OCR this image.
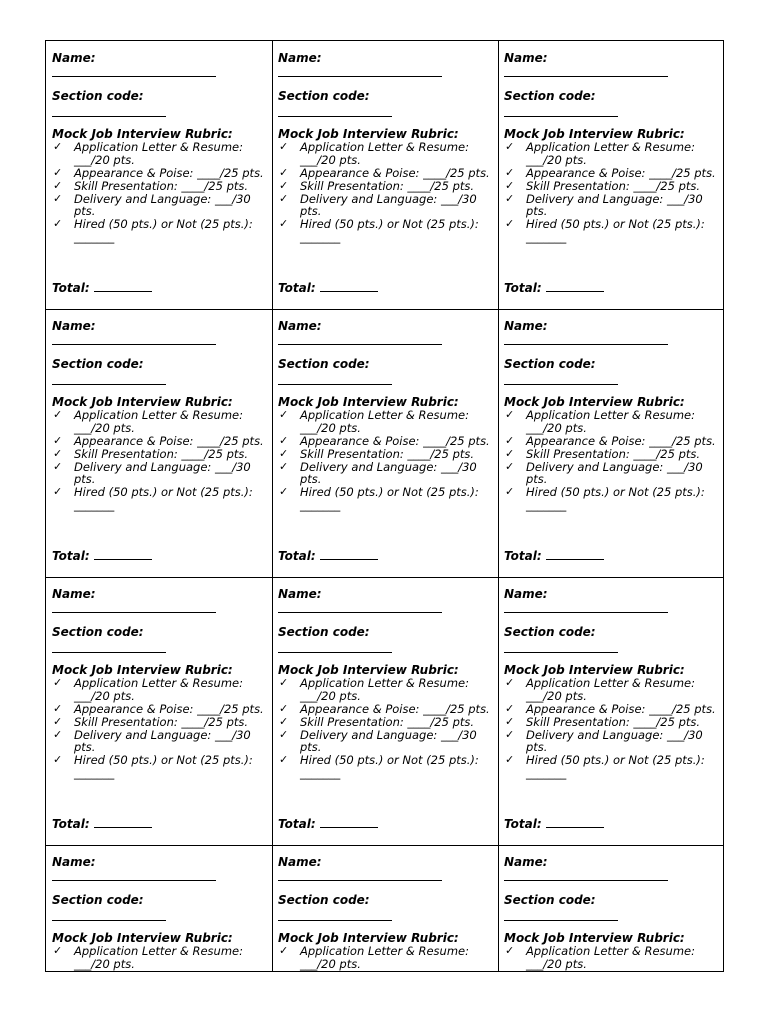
Name:
Section code:
Mock Job Interview Rubric:
✓ Application Letter & Resume: ___/20 pts.
✓ Appearance & Poise: ____/25 pts.
✓ Skill Presentation: ____/25 pts.
✓ Delivery and Language: ___/30 pts.
✓ Hired (50 pts.) or Not (25 pts.): _______
Total:
Name:
Section code:
Mock Job Interview Rubric:
✓ Application Letter & Resume: ___/20 pts.
✓ Appearance & Poise: ____/25 pts.
✓ Skill Presentation: ____/25 pts.
✓ Delivery and Language: ___/30 pts.
✓ Hired (50 pts.) or Not (25 pts.): _______
Total:
Name:
Section code:
Mock Job Interview Rubric:
✓ Application Letter & Resume: ___/20 pts.
✓ Appearance & Poise: ____/25 pts.
✓ Skill Presentation: ____/25 pts.
✓ Delivery and Language: ___/30 pts.
✓ Hired (50 pts.) or Not (25 pts.): _______
Total:
Name:
Section code:
Mock Job Interview Rubric:
✓ Application Letter & Resume: ___/20 pts.
✓ Appearance & Poise: ____/25 pts.
✓ Skill Presentation: ____/25 pts.
✓ Delivery and Language: ___/30 pts.
✓ Hired (50 pts.) or Not (25 pts.): _______
Total:
Name:
Section code:
Mock Job Interview Rubric:
✓ Application Letter & Resume: ___/20 pts.
✓ Appearance & Poise: ____/25 pts.
✓ Skill Presentation: ____/25 pts.
✓ Delivery and Language: ___/30 pts.
✓ Hired (50 pts.) or Not (25 pts.): _______
Total:
Name:
Section code:
Mock Job Interview Rubric:
✓ Application Letter & Resume: ___/20 pts.
✓ Appearance & Poise: ____/25 pts.
✓ Skill Presentation: ____/25 pts.
✓ Delivery and Language: ___/30 pts.
✓ Hired (50 pts.) or Not (25 pts.): _______
Total:
Name:
Section code:
Mock Job Interview Rubric:
✓ Application Letter & Resume: ___/20 pts.
✓ Appearance & Poise: ____/25 pts.
✓ Skill Presentation: ____/25 pts.
✓ Delivery and Language: ___/30 pts.
✓ Hired (50 pts.) or Not (25 pts.): _______
Total:
Name:
Section code:
Mock Job Interview Rubric:
✓ Application Letter & Resume: ___/20 pts.
✓ Appearance & Poise: ____/25 pts.
✓ Skill Presentation: ____/25 pts.
✓ Delivery and Language: ___/30 pts.
✓ Hired (50 pts.) or Not (25 pts.): _______
Total:
Name:
Section code:
Mock Job Interview Rubric:
✓ Application Letter & Resume: ___/20 pts.
✓ Appearance & Poise: ____/25 pts.
✓ Skill Presentation: ____/25 pts.
✓ Delivery and Language: ___/30 pts.
✓ Hired (50 pts.) or Not (25 pts.): _______
Total:
Name:
Section code:
Mock Job Interview Rubric:
✓ Application Letter & Resume: ___/20 pts.
Name:
Section code:
Mock Job Interview Rubric:
✓ Application Letter & Resume: ___/20 pts.
Name:
Section code:
Mock Job Interview Rubric:
✓ Application Letter & Resume: ___/20 pts.
